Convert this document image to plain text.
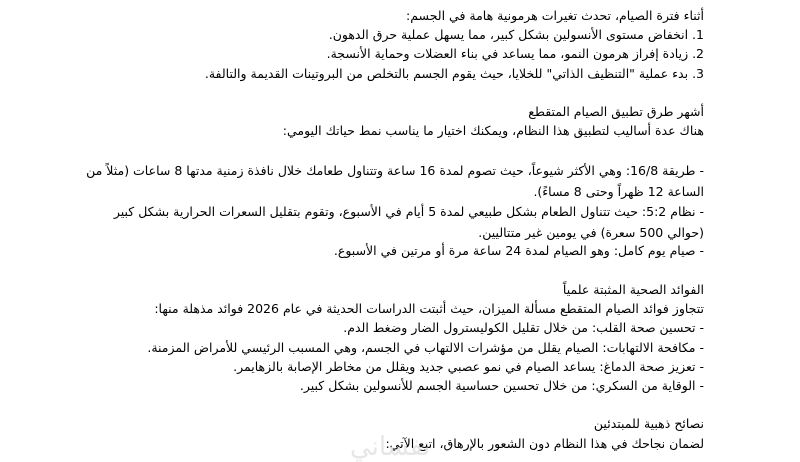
أثناء فترة الصيام، تحدث تغيرات هرمونية هامة في الجسم:
1. انخفاض مستوى الأنسولين بشكل كبير، مما يسهل عملية حرق الدهون.
2. زيادة إفراز هرمون النمو، مما يساعد في بناء العضلات وحماية الأنسجة.
3. بدء عملية "التنظيف الذاتي" للخلايا، حيث يقوم الجسم بالتخلص من البروتينات القديمة والتالفة.
أشهر طرق تطبيق الصيام المتقطع
هناك عدة أساليب لتطبيق هذا النظام، ويمكنك اختيار ما يناسب نمط حياتك اليومي:
- طريقة 16/8: وهي الأكثر شيوعاً، حيث تصوم لمدة 16 ساعة وتتناول طعامك خلال نافذة زمنية مدتها 8 ساعات (مثلاً من الساعة 12 ظهراً وحتى 8 مساءً).
- نظام 5:2: حيث تتناول الطعام بشكل طبيعي لمدة 5 أيام في الأسبوع، وتقوم بتقليل السعرات الحرارية بشكل كبير (حوالي 500 سعرة) في يومين غير متتاليين.
- صيام يوم كامل: وهو الصيام لمدة 24 ساعة مرة أو مرتين في الأسبوع.
الفوائد الصحية المثبتة علمياً
تتجاوز فوائد الصيام المتقطع مسألة الميزان، حيث أثبتت الدراسات الحديثة في عام 2026 فوائد مذهلة منها:
- تحسين صحة القلب: من خلال تقليل الكوليسترول الضار وضغط الدم.
- مكافحة الالتهابات: الصيام يقلل من مؤشرات الالتهاب في الجسم، وهي المسبب الرئيسي للأمراض المزمنة.
- تعزيز صحة الدماغ: يساعد الصيام في نمو عصبي جديد ويقلل من مخاطر الإصابة بالزهايمر.
- الوقاية من السكري: من خلال تحسين حساسية الجسم للأنسولين بشكل كبير.
نصائح ذهبية للمبتدئين
لضمان نجاحك في هذا النظام دون الشعور بالإرهاق، اتبع الآتي:
نفساني
